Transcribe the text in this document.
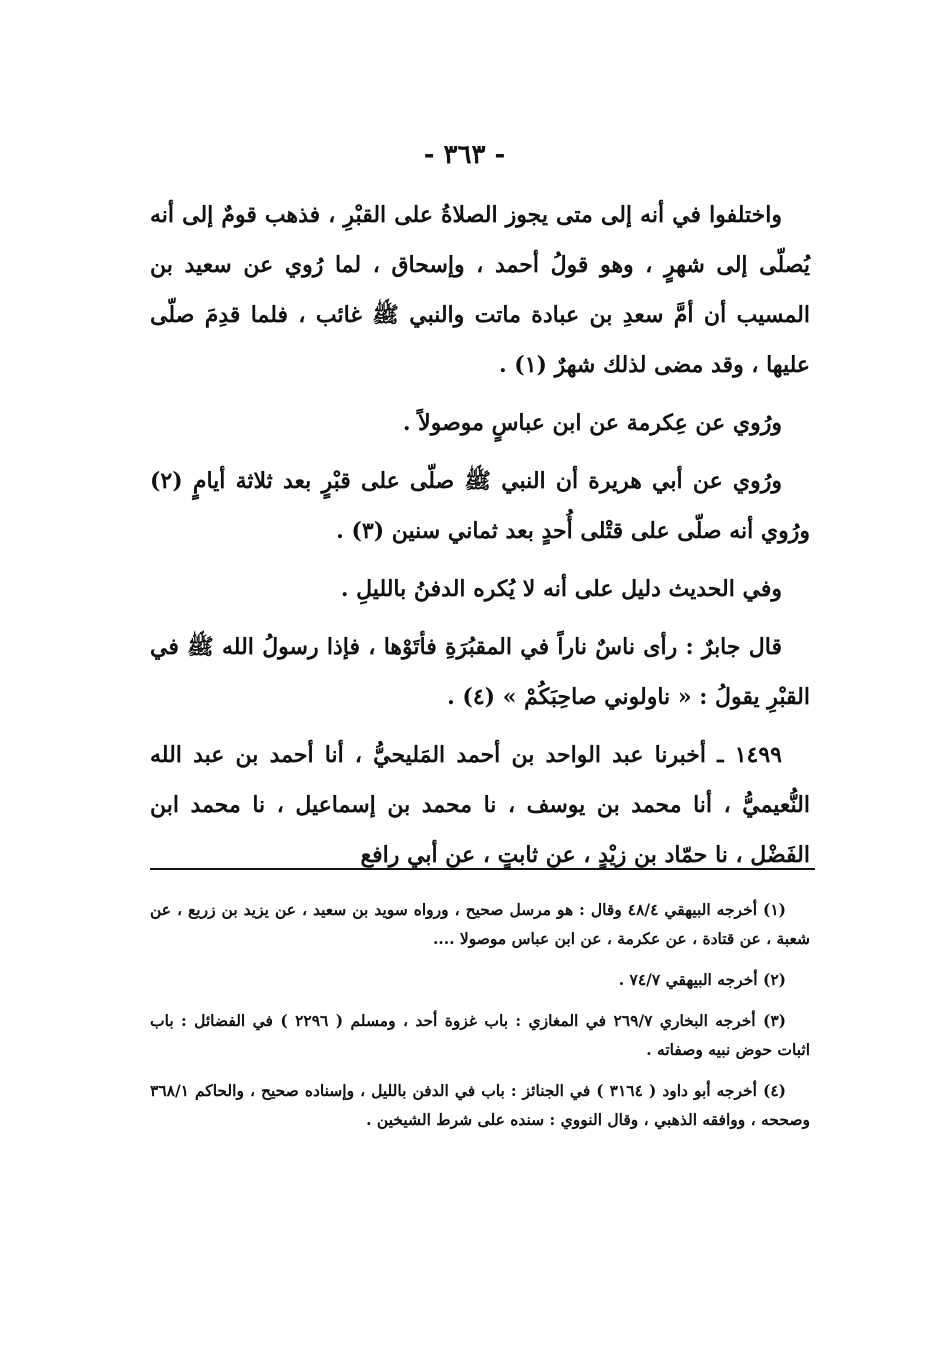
- ٣٦٣ -

واختلفوا في أنه إلى متى يجوز الصلاةُ على القبْرِ ، فذهب قومٌ إلى أنه يُصلّى إلى شهرٍ ، وهو قولُ أحمد ، وإسحاق ، لما رُوي عن سعيد بن المسيب أن أمَّ سعدِ بن عبادة ماتت والنبي ﷺ غائب ، فلما قدِمَ صلّى عليها ، وقد مضى لذلك شهرٌ (١) .

ورُوي عن عِكرمة عن ابن عباسٍ موصولاً .

ورُوي عن أبي هريرة أن النبي ﷺ صلّى على قبْرٍ بعد ثلاثة أيامٍ (٢) ورُوي أنه صلّى على قتْلى أُحدٍ بعد ثماني سنين (٣) .

وفي الحديث دليل على أنه لا يُكره الدفنُ بالليلِ .

قال جابرٌ : رأى ناسٌ ناراً في المقبُرَةِ فأتَوْها ، فإذا رسولُ الله ﷺ في القبْرِ يقولُ : « ناولوني صاحِبَكُمْ » (٤) .

١٤٩٩ ـ أخبرنا عبد الواحد بن أحمد المَليحيُّ ، أنا أحمد بن عبد الله النُّعيميُّ ، أنا محمد بن يوسف ، نا محمد بن إسماعيل ، نا محمد ابن الفَضْل ، نا حمّاد بن زيْدٍ ، عن ثابتٍ ، عن أبي رافع

(١) أخرجه البيهقي ٤٨/٤ وقال : هو مرسل صحيح ، ورواه سويد بن سعيد ، عن يزيد بن زريع ، عن شعبة ، عن قتادة ، عن عكرمة ، عن ابن عباس موصولا ....

(٢) أخرجه البيهقي ٧٤/٧ .

(٣) أخرجه البخاري ٢٦٩/٧ في المغازي : باب غزوة أحد ، ومسلم ( ٢٢٩٦ ) في الفضائل : باب اثبات حوض نبيه وصفاته .

(٤) أخرجه أبو داود ( ٣١٦٤ ) في الجنائز : باب في الدفن بالليل ، وإسناده صحيح ، والحاكم ٣٦٨/١ وصححه ، ووافقه الذهبي ، وقال النووي : سنده على شرط الشيخين .
